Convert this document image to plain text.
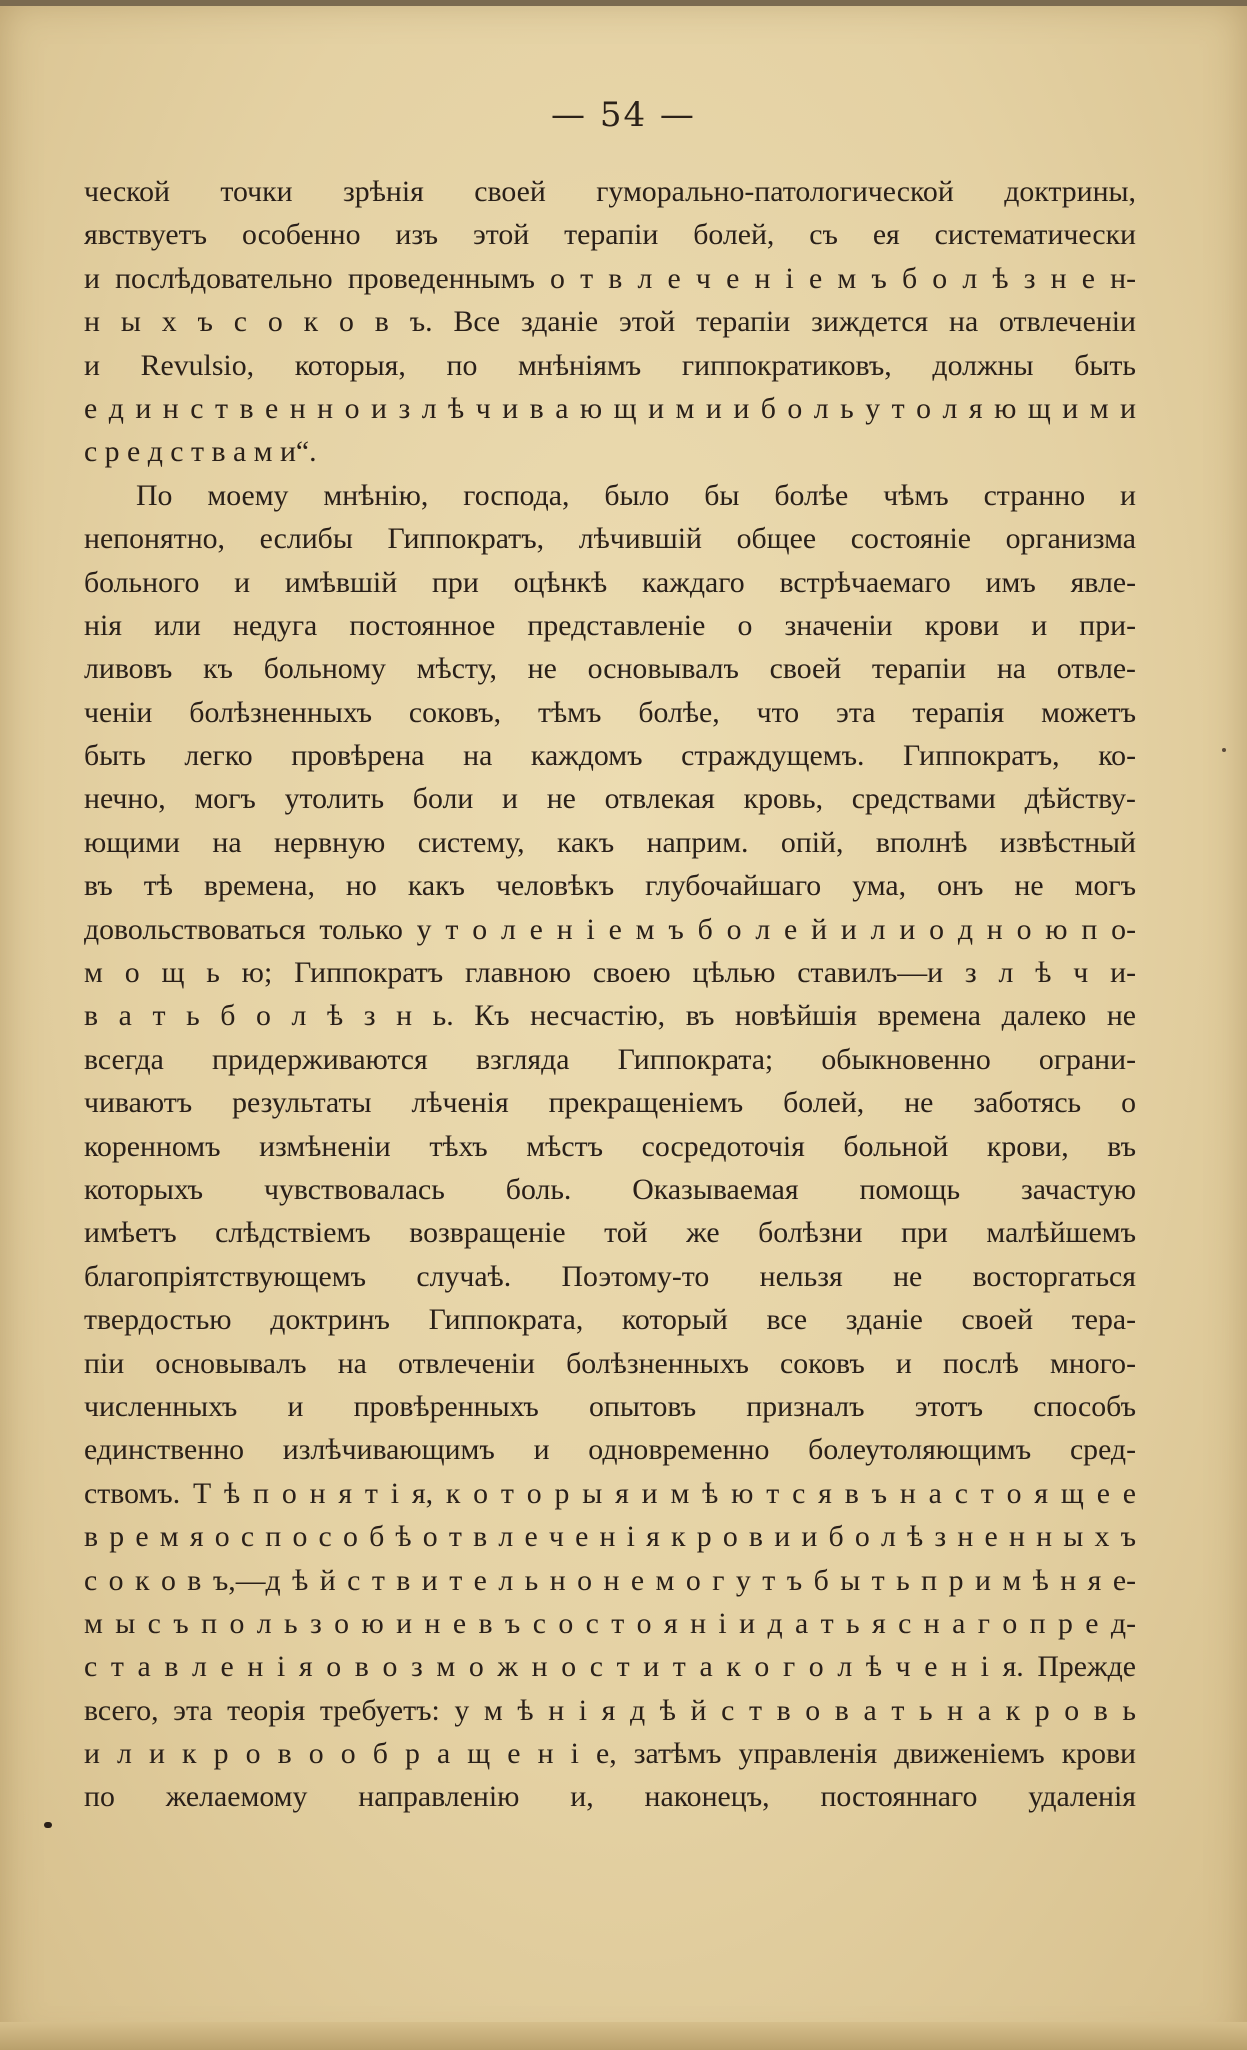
— 54 —
ческой точки зрѣнія своей гуморально-патологической доктрины,
явствуетъ особенно изъ этой терапіи болей, съ ея систематически
и послѣдовательно проведеннымъ о т в л е ч е н і е м ъ б о л ѣ з н е н-
н ы х ъ с о к о в ъ. Все зданіе этой терапіи зиждется на отвлеченіи
и Revulsio, которыя, по мнѣніямъ гиппократиковъ, должны быть
е д и н с т в е н н о и з л ѣ ч и в а ю щ и м и и б о л ь у т о л я ю щ и м и
с р е д с т в а м и“.
По моему мнѣнію, господа, было бы болѣе чѣмъ странно и
непонятно, еслибы Гиппократъ, лѣчившій общее состояніе организма
больного и имѣвшій при оцѣнкѣ каждаго встрѣчаемаго имъ явле-
нія или недуга постоянное представленіе о значеніи крови и при-
ливовъ къ больному мѣсту, не основывалъ своей терапіи на отвле-
ченіи болѣзненныхъ соковъ, тѣмъ болѣе, что эта терапія можетъ
быть легко провѣрена на каждомъ страждущемъ. Гиппократъ, ко-
нечно, могъ утолить боли и не отвлекая кровь, средствами дѣйству-
ющими на нервную систему, какъ наприм. опій, вполнѣ извѣстный
въ тѣ времена, но какъ человѣкъ глубочайшаго ума, онъ не могъ
довольствоваться только у т о л е н і е м ъ б о л е й и л и о д н о ю п о-
м о щ ь ю; Гиппократъ главною своею цѣлью ставилъ—и з л ѣ ч и-
в а т ь б о л ѣ з н ь. Къ несчастію, въ новѣйшія времена далеко не
всегда придерживаются взгляда Гиппократа; обыкновенно ограни-
чиваютъ результаты лѣченія прекращеніемъ болей, не заботясь о
коренномъ измѣненіи тѣхъ мѣстъ сосредоточія больной крови, въ
которыхъ чувствовалась боль. Оказываемая помощь зачастую
имѣетъ слѣдствіемъ возвращеніе той же болѣзни при малѣйшемъ
благопріятствующемъ случаѣ. Поэтому-то нельзя не восторгаться
твердостью доктринъ Гиппократа, который все зданіе своей тера-
піи основывалъ на отвлеченіи болѣзненныхъ соковъ и послѣ много-
численныхъ и провѣренныхъ опытовъ призналъ этотъ способъ
единственно излѣчивающимъ и одновременно болеутоляющимъ сред-
ствомъ. Т ѣ п о н я т і я, к о т о р ы я и м ѣ ю т с я в ъ н а с т о я щ е е
в р е м я о с п о с о б ѣ о т в л е ч е н і я к р о в и и б о л ѣ з н е н н ы х ъ
с о к о в ъ,—д ѣ й с т в и т е л ь н о н е м о г у т ъ б ы т ь п р и м ѣ н я е-
м ы с ъ п о л ь з о ю и н е в ъ с о с т о я н і и д а т ь я с н а г о п р е д-
с т а в л е н і я о в о з м о ж н о с т и т а к о г о л ѣ ч е н і я. Прежде
всего, эта теорія требуетъ: у м ѣ н і я д ѣ й с т в о в а т ь н а к р о в ь
и л и к р о в о о б р а щ е н і е, затѣмъ управленія движеніемъ крови
по желаемому направленію и, наконецъ, постояннаго удаленія
